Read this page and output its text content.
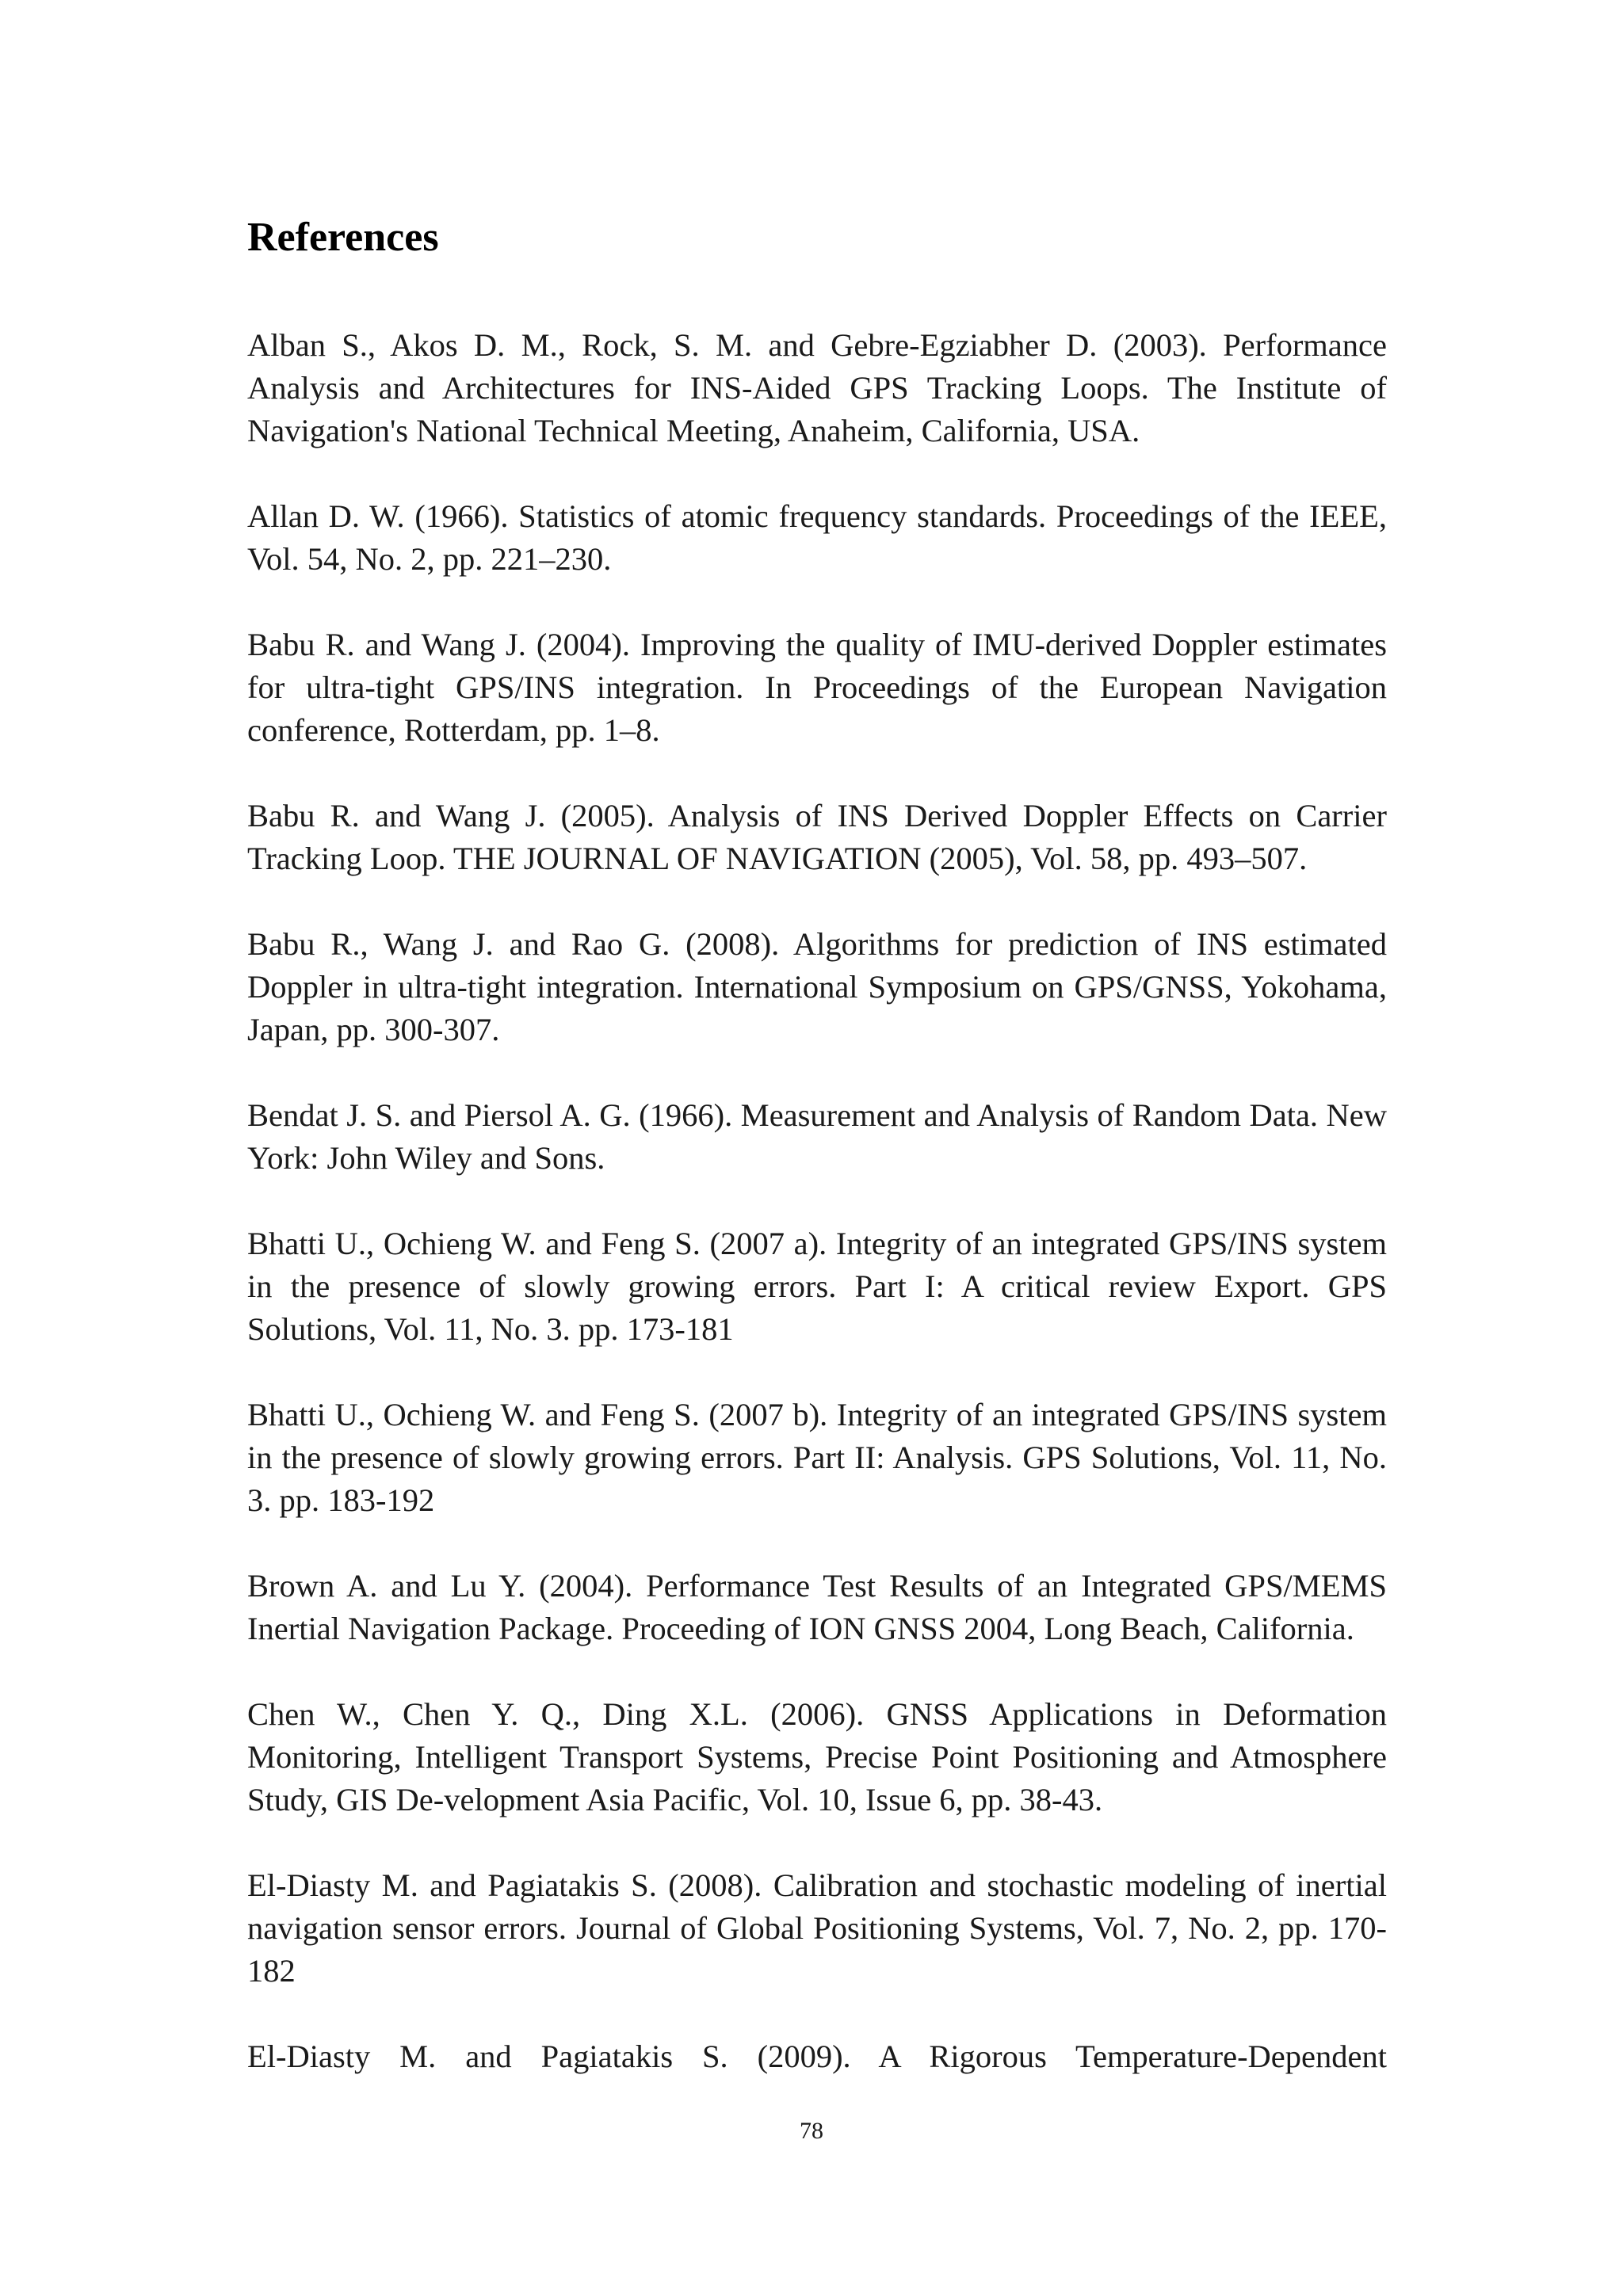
References
Alban S., Akos D. M., Rock, S. M. and Gebre-Egziabher D. (2003). Performance Analysis and Architectures for INS-Aided GPS Tracking Loops. The Institute of Navigation's National Technical Meeting, Anaheim, California, USA.
Allan D. W. (1966). Statistics of atomic frequency standards. Proceedings of the IEEE, Vol. 54, No. 2, pp. 221–230.
Babu R. and Wang J. (2004). Improving the quality of IMU-derived Doppler estimates for ultra-tight GPS/INS integration. In Proceedings of the European Navigation conference, Rotterdam, pp. 1–8.
Babu R. and Wang J. (2005). Analysis of INS Derived Doppler Effects on Carrier Tracking Loop. THE JOURNAL OF NAVIGATION (2005), Vol. 58, pp. 493–507.
Babu R., Wang J. and Rao G. (2008). Algorithms for prediction of INS estimated Doppler in ultra-tight integration. International Symposium on GPS/GNSS, Yokohama, Japan, pp. 300-307.
Bendat J. S. and Piersol A. G. (1966). Measurement and Analysis of Random Data. New York: John Wiley and Sons.
Bhatti U., Ochieng W. and Feng S. (2007 a). Integrity of an integrated GPS/INS system in the presence of slowly growing errors. Part I: A critical review Export. GPS Solutions, Vol. 11, No. 3. pp. 173-181
Bhatti U., Ochieng W. and Feng S. (2007 b). Integrity of an integrated GPS/INS system in the presence of slowly growing errors. Part II: Analysis. GPS Solutions, Vol. 11, No. 3. pp. 183-192
Brown A. and Lu Y. (2004). Performance Test Results of an Integrated GPS/MEMS Inertial Navigation Package. Proceeding of ION GNSS 2004, Long Beach, California.
Chen W., Chen Y. Q., Ding X.L. (2006). GNSS Applications in Deformation Monitoring, Intelligent Transport Systems, Precise Point Positioning and Atmosphere Study, GIS De-velopment Asia Pacific, Vol. 10, Issue 6, pp. 38-43.
El-Diasty M. and Pagiatakis S. (2008). Calibration and stochastic modeling of inertial navigation sensor errors. Journal of Global Positioning Systems, Vol. 7, No. 2, pp. 170-182
El-Diasty M. and Pagiatakis S. (2009). A Rigorous Temperature-Dependent
78
